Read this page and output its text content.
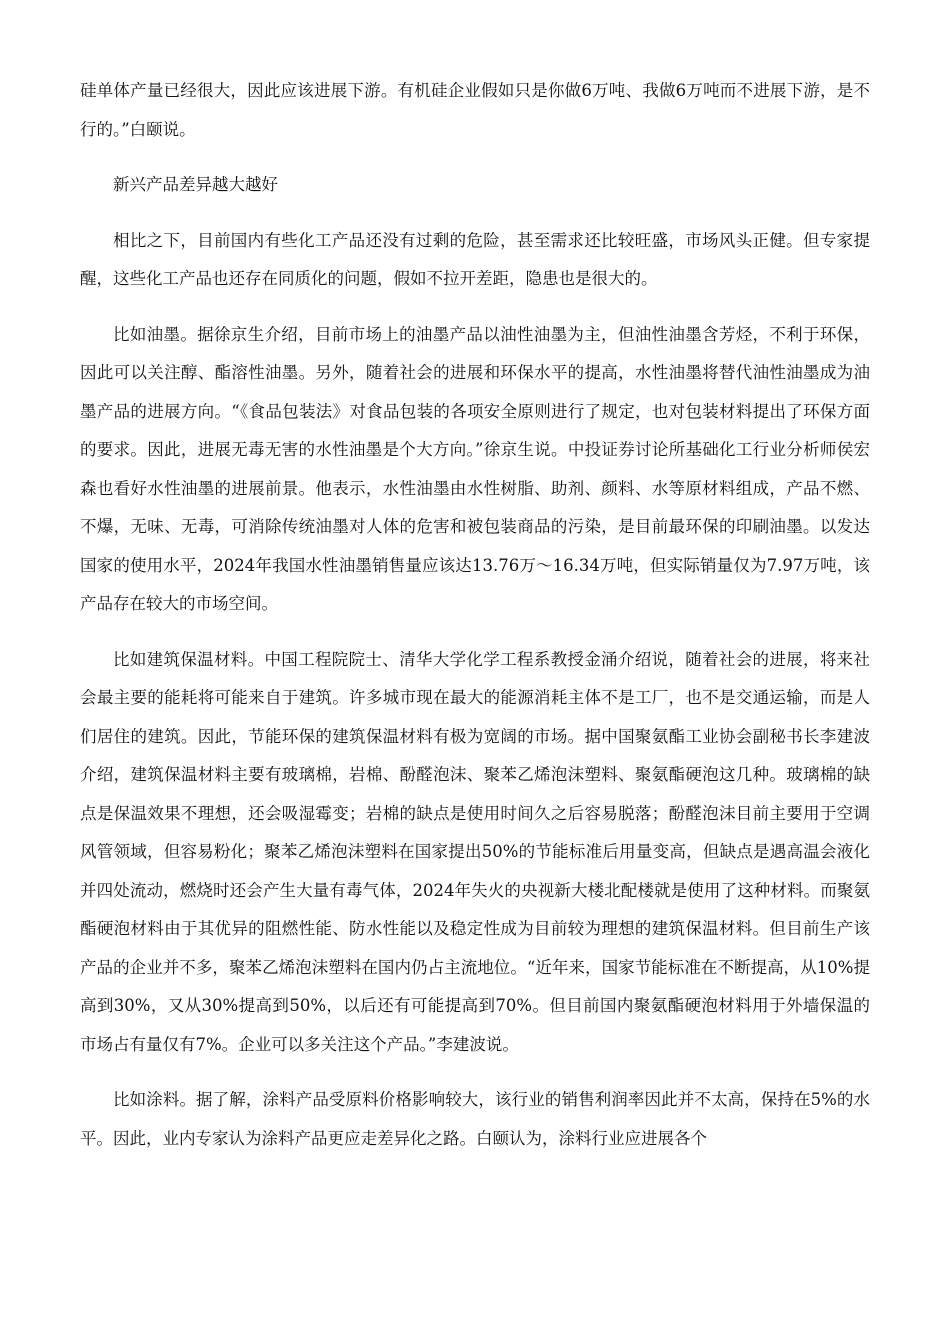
硅单体产量已经很大，因此应该进展下游。有机硅企业假如只是你做6万吨、我做6万吨而不进展下游，是不行的。”白颐说。

新兴产品差异越大越好

相比之下，目前国内有些化工产品还没有过剩的危险，甚至需求还比较旺盛，市场风头正健。但专家提醒，这些化工产品也还存在同质化的问题，假如不拉开差距，隐患也是很大的。

比如油墨。据徐京生介绍，目前市场上的油墨产品以油性油墨为主，但油性油墨含芳烃，不利于环保，因此可以关注醇、酯溶性油墨。另外，随着社会的进展和环保水平的提高，水性油墨将替代油性油墨成为油墨产品的进展方向。“《食品包装法》对食品包装的各项安全原则进行了规定，也对包装材料提出了环保方面的要求。因此，进展无毒无害的水性油墨是个大方向。”徐京生说。中投证券讨论所基础化工行业分析师侯宏森也看好水性油墨的进展前景。他表示，水性油墨由水性树脂、助剂、颜料、水等原材料组成，产品不燃、不爆，无味、无毒，可消除传统油墨对人体的危害和被包装商品的污染，是目前最环保的印刷油墨。以发达国家的使用水平，2024年我国水性油墨销售量应该达13.76万～16.34万吨，但实际销量仅为7.97万吨，该产品存在较大的市场空间。

比如建筑保温材料。中国工程院院士、清华大学化学工程系教授金涌介绍说，随着社会的进展，将来社会最主要的能耗将可能来自于建筑。许多城市现在最大的能源消耗主体不是工厂，也不是交通运输，而是人们居住的建筑。因此，节能环保的建筑保温材料有极为宽阔的市场。据中国聚氨酯工业协会副秘书长李建波介绍，建筑保温材料主要有玻璃棉，岩棉、酚醛泡沫、聚苯乙烯泡沫塑料、聚氨酯硬泡这几种。玻璃棉的缺点是保温效果不理想，还会吸湿霉变；岩棉的缺点是使用时间久之后容易脱落；酚醛泡沫目前主要用于空调风管领域，但容易粉化；聚苯乙烯泡沫塑料在国家提出50%的节能标准后用量变高，但缺点是遇高温会液化并四处流动，燃烧时还会产生大量有毒气体，2024年失火的央视新大楼北配楼就是使用了这种材料。而聚氨酯硬泡材料由于其优异的阻燃性能、防水性能以及稳定性成为目前较为理想的建筑保温材料。但目前生产该产品的企业并不多，聚苯乙烯泡沫塑料在国内仍占主流地位。“近年来，国家节能标准在不断提高，从10%提高到30%，又从30%提高到50%，以后还有可能提高到70%。但目前国内聚氨酯硬泡材料用于外墙保温的市场占有量仅有7%。企业可以多关注这个产品。”李建波说。

比如涂料。据了解，涂料产品受原料价格影响较大，该行业的销售利润率因此并不太高，保持在5%的水平。因此，业内专家认为涂料产品更应走差异化之路。白颐认为，涂料行业应进展各个
